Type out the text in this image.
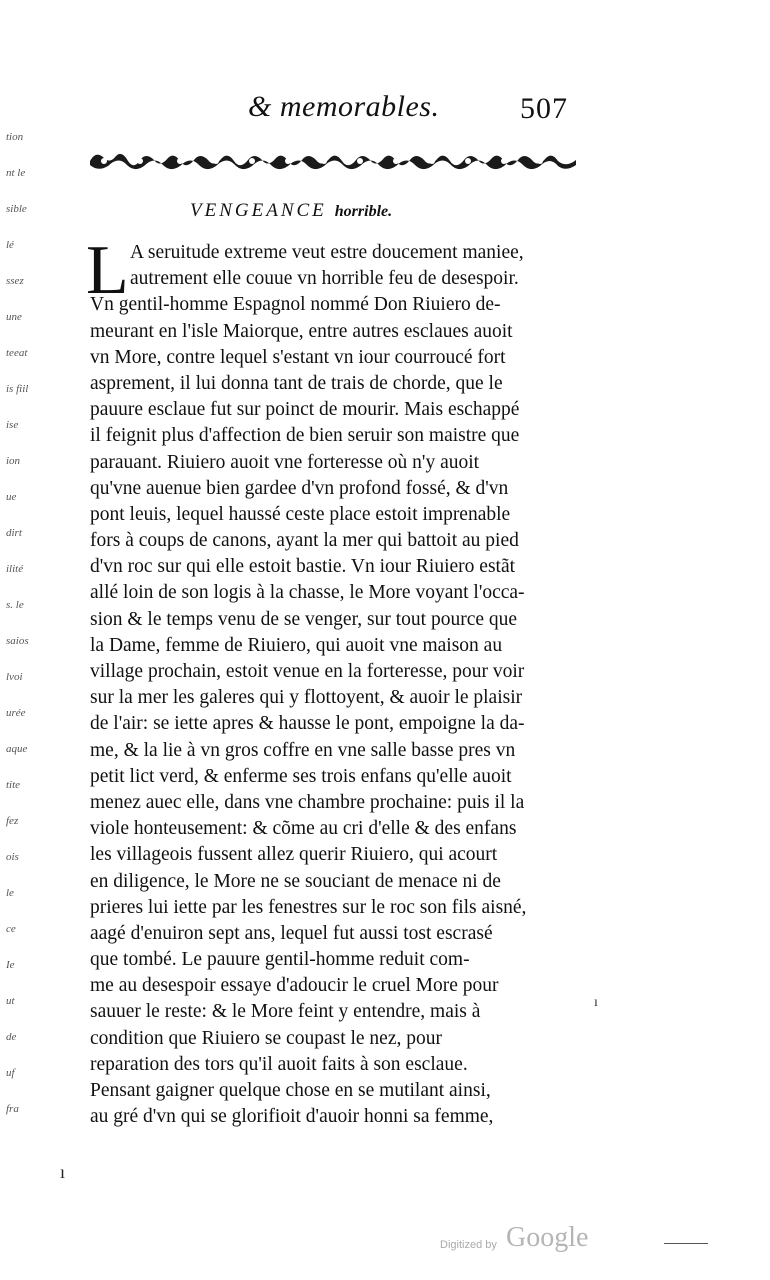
tion
nt le
sible
lé
ssez
une
teeat
is fiil
ise
ion
ue
dirt
ilité
s. le
saios
lvoi
urée
aque
tite
fez
ois
le
ce
Ie
ut
de
uf
fra
& memorables.	507
VENGEANCE horrible.
L A seruitude extreme veut estre doucement maniee,
autrement elle couue vn horrible feu de desespoir.
Vn gentil-homme Espagnol nommé Don Riuiero de-
meurant en l'isle Maiorque, entre autres esclaues auoit
vn More, contre lequel s'estant vn iour courroucé fort
asprement, il lui donna tant de trais de chorde, que le
pauure esclaue fut sur poinct de mourir. Mais eschappé
il feignit plus d'affection de bien seruir son maistre que
parauant. Riuiero auoit vne forteresse où n'y auoit
qu'vne auenue bien gardee d'vn profond fossé, & d'vn
pont leuis, lequel haussé ceste place estoit imprenable
fors à coups de canons, ayant la mer qui battoit au pied
d'vn roc sur qui elle estoit bastie. Vn iour Riuiero estãt
allé loin de son logis à la chasse, le More voyant l'occa-
sion & le temps venu de se venger, sur tout pource que
la Dame, femme de Riuiero, qui auoit vne maison au
village prochain, estoit venue en la forteresse, pour voir
sur la mer les galeres qui y flottoyent, & auoir le plaisir
de l'air: se iette apres & hausse le pont, empoigne la da-
me, & la lie à vn gros coffre en vne salle basse pres vn
petit lict verd, & enferme ses trois enfans qu'elle auoit
menez auec elle, dans vne chambre prochaine: puis il la
viole honteusement: & cõme au cri d'elle & des enfans
les villageois fussent allez querir Riuiero, qui acourt
en diligence, le More ne se souciant de menace ni de
prieres lui iette par les fenestres sur le roc son fils aisné,
aagé d'enuiron sept ans, lequel fut aussi tost escrasé
que tombé. Le pauure gentil-homme reduit com-
me au desespoir essaye d'adoucir le cruel More pour
sauuer le reste: & le More feint y entendre, mais à
condition que Riuiero se coupast le nez, pour
reparation des tors qu'il auoit faits à son esclaue.
Pensant gaigner quelque chose en se mutilant ainsi,
au gré d'vn qui se glorifioit d'auoir honni sa femme,
ı
ı
Digitized by Google
